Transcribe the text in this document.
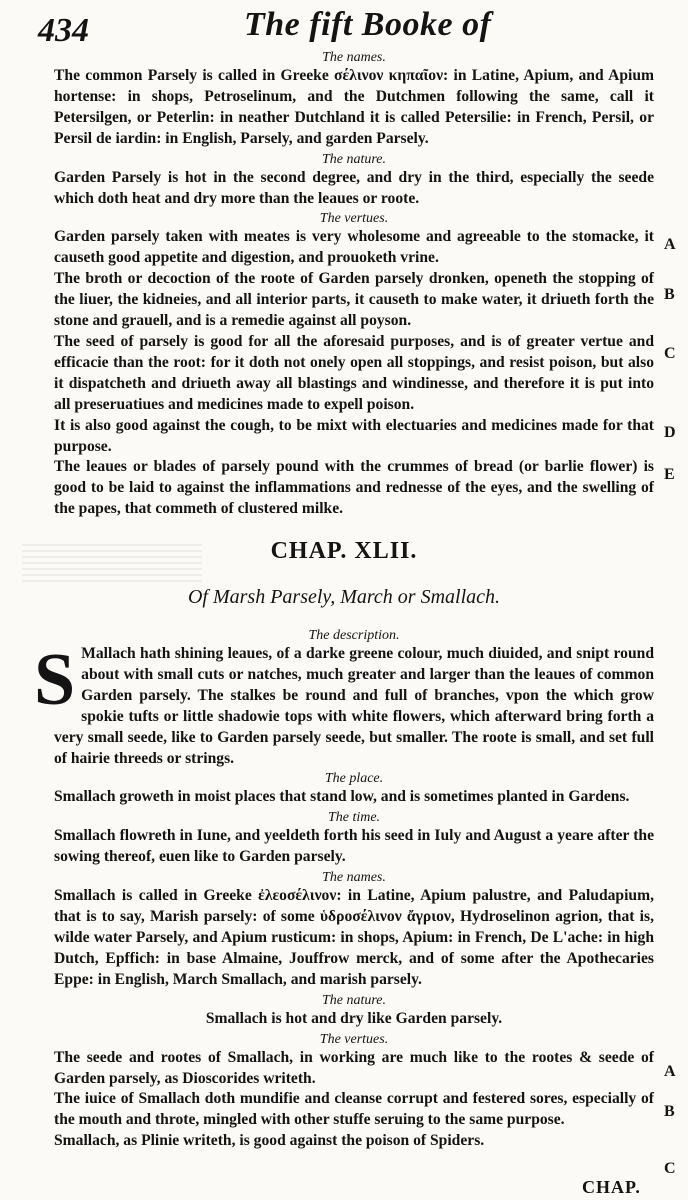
434	The fift Booke of

The names.

The common Parsely is called in Greeke σέλινον κηπαῖον: in Latine, Apium, and Apium hortense: in shops, Petroselinum, and the Dutchmen following the same, call it Petersilgen, or Peterlin: in neather Dutchland it is called Petersilie: in French, Persil, or Persil de iardin: in English, Parsely, and garden Parsely.

The nature.

Garden Parsely is hot in the second degree, and dry in the third, especially the seede which doth heat and dry more than the leaues or roote.

The vertues.

Garden parsely taken with meates is very wholesome and agreeable to the stomacke, it causeth good appetite and digestion, and prouoketh vrine.

The broth or decoction of the roote of Garden parsely dronken, openeth the stopping of the liuer, the kidneies, and all interior parts, it causeth to make water, it driueth forth the stone and grauell, and is a remedie against all poyson.

The seed of parsely is good for all the aforesaid purposes, and is of greater vertue and efficacie than the root: for it doth not onely open all stoppings, and resist poison, but also it dispatcheth and driueth away all blastings and windinesse, and therefore it is put into all preseruatiues and medicines made to expell poison.

It is also good against the cough, to be mixt with electuaries and medicines made for that purpose.

The leaues or blades of parsely pound with the crummes of bread (or barlie flower) is good to be laid to against the inflammations and rednesse of the eyes, and the swelling of the papes, that commeth of clustered milke.

CHAP. XLII.
Of Marsh Parsely, March or Smallach.

The description.

S Mallach hath shining leaues, of a darke greene colour, much diuided, and snipt round about with small cuts or natches, much greater and larger than the leaues of common Garden parsely. The stalkes be round and full of branches, vpon the which grow spokie tufts or little shadowie tops with white flowers, which afterward bring forth a very small seede, like to Garden parsely seede, but smaller. The roote is small, and set full of hairie threeds or strings.

The place.

Smallach groweth in moist places that stand low, and is sometimes planted in Gardens.

The time.

Smallach flowreth in Iune, and yeeldeth forth his seed in Iuly and August a yeare after the sowing thereof, euen like to Garden parsely.

The names.

Smallach is called in Greeke ἐλεοσέλινον: in Latine, Apium palustre, and Paludapium, that is to say, Marish parsely: of some ὑδροσέλινον ἄγριον, Hydroselinon agrion, that is, wilde water Parsely, and Apium rusticum: in shops, Apium: in French, De L'ache: in high Dutch, Epffich: in base Almaine, Jouffrow merck, and of some after the Apothecaries Eppe: in English, March Smallach, and marish parsely.

The nature.

Smallach is hot and dry like Garden parsely.

The vertues.

The seede and rootes of Smallach, in working are much like to the rootes & seede of Garden parsely, as Dioscorides writeth.

The iuice of Smallach doth mundifie and cleanse corrupt and festered sores, especially of the mouth and throte, mingled with other stuffe seruing to the same purpose.

Smallach, as Plinie writeth, is good against the poison of Spiders.

A
B
C
D
E
A
B
C
CHAP.
